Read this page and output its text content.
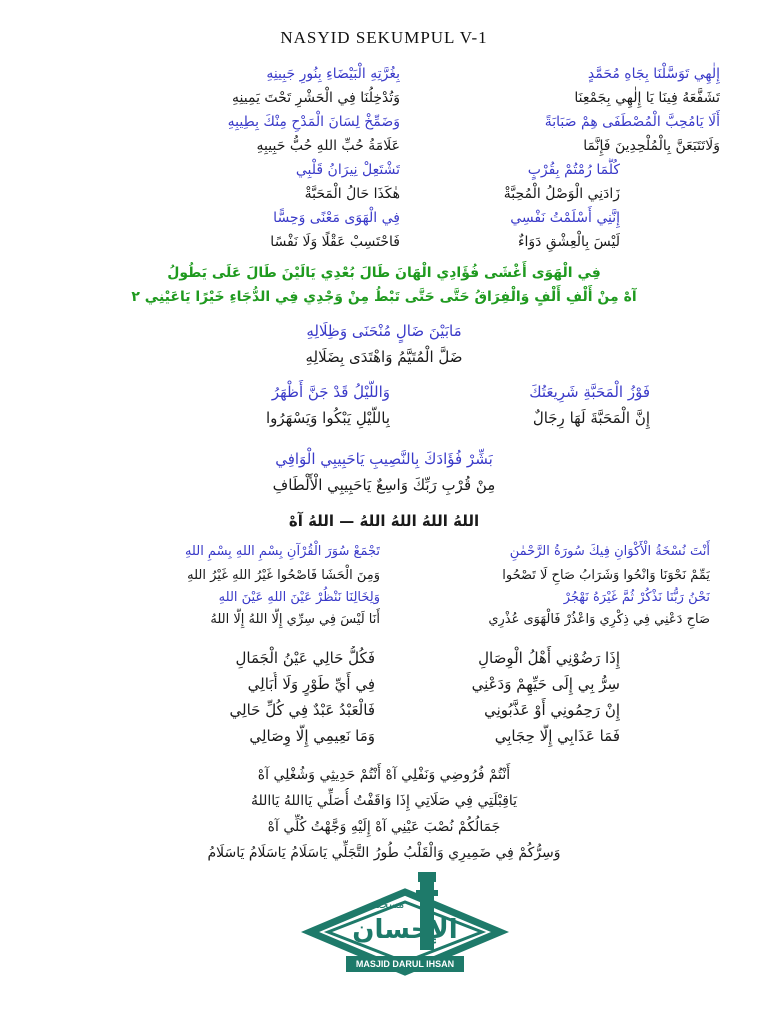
NASYID SEKUMPUL V-1
إِلٰهِي تَوَسَّلْنَا بِجَاهِ مُحَمَّدٍ
بِغُرَّتِهِ الْبَيْضَاءِ بِنُورِ جَبِينِهِ
تَشَفَّعَهُ فِينَا يَا إِلٰهِي بِجَمْعِنَا
وَتُدْخِلُنَا فِي الْحَشْرِ تَحْتَ يَمِينِهِ
أَلَا يَامُحِبَّ الْمُصْطَفَى هِمْ صَبَابَةً
وَضَمِّخْ لِسَانَ الْمَدْحِ مِنْكَ بِطِيبِهِ
وَلَاتَتَبَعَنَّ بِالْمُلْحِدِينَ فَإِنَّمَا
عَلَامَةُ حُبِّ اللهِ حُبُّ حَبِيبِهِ
كُلَّمَا رُمْتُمْ بِقُرْبٍ
تَشْتَعِلْ نِيرَانُ قَلْبِي
زَادَنِي الْوَصْلُ الْمُحِبَّةْ
هٰكَذَا حَالُ الْمَحَبَّةْ
إِنَّنِي أَسْلَمْتُ نَفْسِي
فِي الْهَوَى مَعْنًى وَحِسًّا
لَيْسَ بِالْعِشْقِ دَوَاءٌ
فَاحْتَسِبْ عَقْلًا وَلَا نَفْسًا
فِي الْهَوَى أَغْشَى فُؤَادِي الْهَانَ طَالَ بُعْدِي يَالَيْنَ طَالَ عَلَى يَطُولُ
آهْ مِنْ أَلْفِ أَلْفٍ وَالْفِرَاقُ حَتَّى حَتَّى تَبْطُ مِنْ وَجْدِي فِي الدُّجَاءِ خَيْرًا يَاعَيْنِي ٢
مَابَيْنَ ضَالٍ مُنْحَنَى وَظِلَالِهِ
ضَلَّ الْمُتَيَّمُ وَاهْتَدَى بِضَلَالِهِ
فَوْزُ الْمَحَبَّةِ شَرِيعَتُكَ
وَاللَّيْلُ قَدْ جَنَّ أَظْهَرُ
إِنَّ الْمَحَبَّةَ لَهَا رِجَالٌ
بِاللَّيْلِ يَبْكُوا وَيَسْهَرُوا
بَشِّرْ فُؤَادَكَ بِالنَّصِيبِ يَاحَبِيبِي الْوَافِي
مِنْ قُرْبِ رَبِّكَ وَاسِعٌ يَاحَبِيبِي الْأَلْطَافِ
اللهُ اللهُ اللهُ اللهُ — اللهُ آهْ
أَنْتَ نُسْخَةُ الْأَكْوَانِ فِيكَ سُورَةُ الرَّحْمٰنِ
تَجْمَعْ سُوَرَ الْقُرْآنِ بِسْمِ اللهِ بِسْمِ اللهِ
يَمِّمْ نَحْوَنَا وَانْحُوا وَشَرَابُ صَاحِ لَا تَصْحُوا
وَمِنَ الْحَشَا فَاصْحُوا غَيْرُ اللهِ غَيْرُ اللهِ
نَحْنُ رَبُّنَا نَذْكُرْ ثُمَّ غَيْرَهُ نَهْجُرْ
وَلِخَالِنَا نَنْظُرْ عَيْنَ اللهِ عَيْنَ اللهِ
صَاحِ دَعْنِي فِي ذِكْرِي وَاعْذُرْ فَالْهَوَى عُذْرِي
أَنَا لَيْسَ فِي سِرِّي إِلَّا اللهُ إِلَّا اللهُ
إِذَا رَضُوْنِي أَهْلُ الْوِصَالِ
فَكُلُّ حَالِي عَيْنُ الْجَمَالِ
سِرُّ بِي إِلَى حَيِّهِمْ وَدَعْنِي
فِي أَيِّ طَوْرٍ وَلَا أُبَالِي
إِنْ رَحِمُونِي أَوْ عَذَّبُونِي
فَالْعَبْدُ عَبْدٌ فِي كُلِّ حَالِي
فَمَا عَذَابِي إِلَّا حِجَابِي
وَمَا نَعِيمِي إِلَّا وِصَالِي
أَنْتُمْ فُرُوضِي وَنَفْلِي آهْ أَنْتُمْ حَدِيثِي وَشُغْلِي آهْ
يَاقِبْلَتِي فِي صَلَاتِي إِذَا وَاقَفْتُ أُصَلِّي يَااللهُ يَااللهُ
جَمَالُكُمْ نُصْبَ عَيْنِي آهْ إِلَيْهِ وَجَّهْتُ كُلِّي آهْ
وَسِرُّكُمْ فِي ضَمِيرِي وَالْقَلْبُ طُورُ التَّجَلِّي يَاسَلَامُ يَاسَلَامُ يَاسَلَامُ
مسجد
الإحسان
MASJID DARUL IHSAN
